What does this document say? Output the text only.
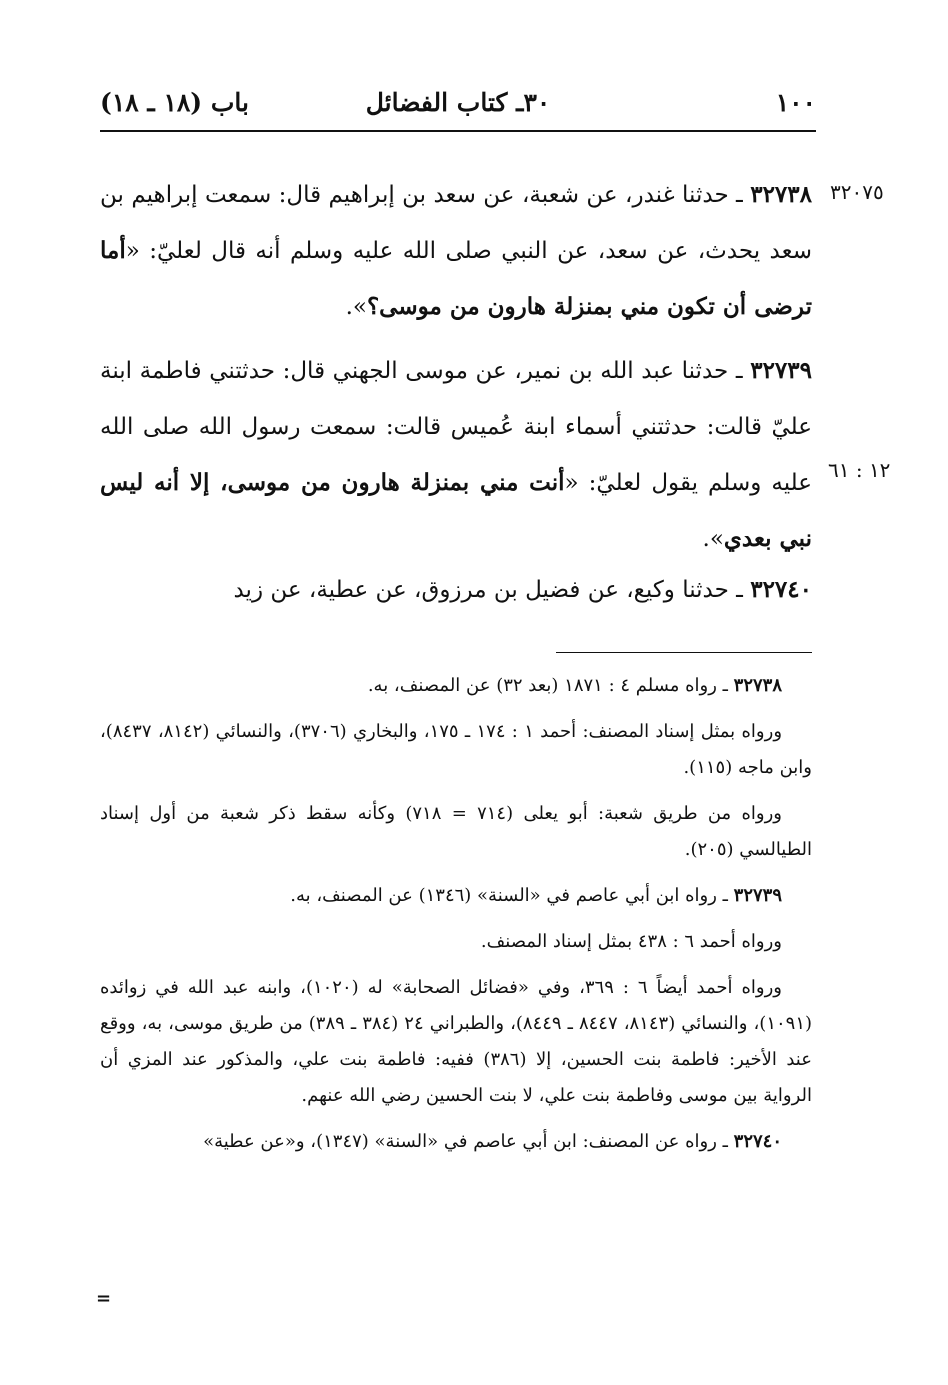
١٠٠
٣٠ـ كتاب الفضائل
باب (١٨ ـ ١٨)
٣٢٠٧٥
١٢ : ٦١

٣٢٧٣٨ ـ حدثنا غندر، عن شعبة، عن سعد بن إبراهيم قال: سمعت إبراهيم بن سعد يحدث، عن سعد، عن النبي صلى الله عليه وسلم أنه قال لعليّ: «أما ترضى أن تكون مني بمنزلة هارون من موسى؟».

٣٢٧٣٩ ـ حدثنا عبد الله بن نمير، عن موسى الجهني قال: حدثتني فاطمة ابنة عليّ قالت: حدثتني أسماء ابنة عُميس قالت: سمعت رسول الله صلى الله عليه وسلم يقول لعليّ: «أنت مني بمنزلة هارون من موسى، إلا أنه ليس نبي بعدي».

٣٢٧٤٠ ـ حدثنا وكيع، عن فضيل بن مرزوق، عن عطية، عن زيد

٣٢٧٣٨ ـ رواه مسلم ٤ : ١٨٧١ (بعد ٣٢) عن المصنف، به.

ورواه بمثل إسناد المصنف: أحمد ١ : ١٧٤ ـ ١٧٥، والبخاري (٣٧٠٦)، والنسائي (٨١٤٢، ٨٤٣٧)، وابن ماجه (١١٥).

ورواه من طريق شعبة: أبو يعلى (٧١٤ = ٧١٨) وكأنه سقط ذكر شعبة من أول إسناد الطيالسي (٢٠٥).

٣٢٧٣٩ ـ رواه ابن أبي عاصم في «السنة» (١٣٤٦) عن المصنف، به.

ورواه أحمد ٦ : ٤٣٨ بمثل إسناد المصنف.

ورواه أحمد أيضاً ٦ : ٣٦٩، وفي «فضائل الصحابة» له (١٠٢٠)، وابنه عبد الله في زوائده (١٠٩١)، والنسائي (٨١٤٣، ٨٤٤٧ ـ ٨٤٤٩)، والطبراني ٢٤ (٣٨٤ ـ ٣٨٩) من طريق موسى، به، ووقع عند الأخير: فاطمة بنت الحسين، إلا (٣٨٦) ففيه: فاطمة بنت علي، والمذكور عند المزي أن الرواية بين موسى وفاطمة بنت علي، لا بنت الحسين رضي الله عنهم.

٣٢٧٤٠ ـ رواه عن المصنف: ابن أبي عاصم في «السنة» (١٣٤٧)، و«عن عطية»

=
